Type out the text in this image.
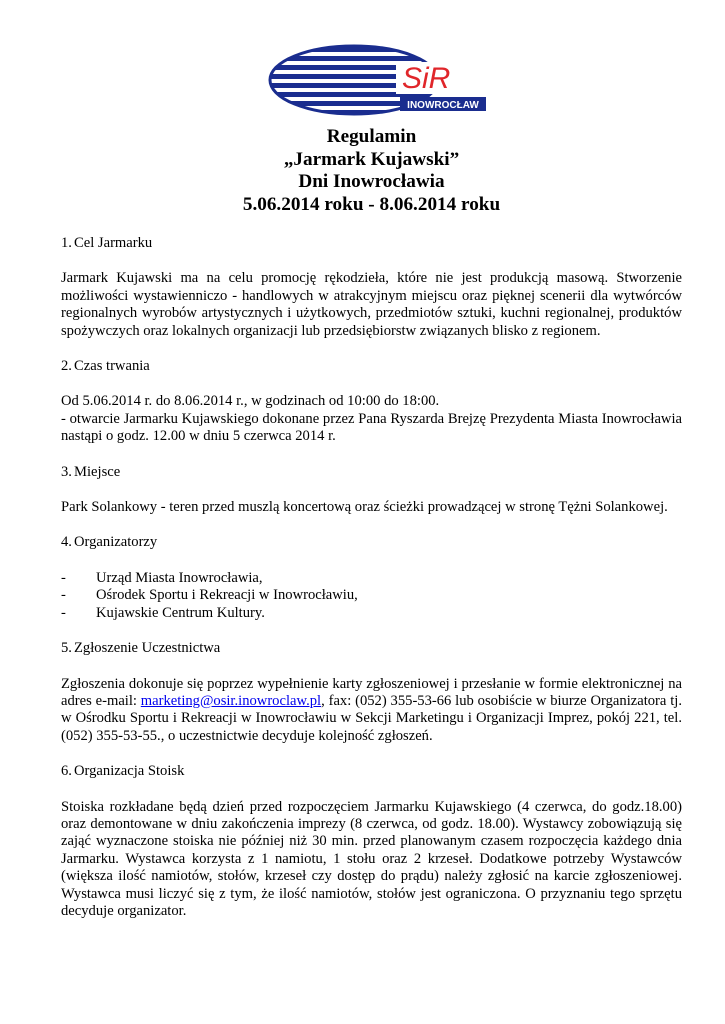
SiR
INOWROCŁAW
Regulamin
„Jarmark Kujawski”
Dni Inowrocławia
5.06.2014 roku - 8.06.2014 roku
1. Cel Jarmarku

Jarmark Kujawski ma na celu promocję rękodzieła, które nie jest produkcją masową. Stworzenie możliwości wystawienniczo - handlowych w atrakcyjnym miejscu oraz pięknej scenerii dla wytwórców regionalnych wyrobów artystycznych i użytkowych, przedmiotów sztuki, kuchni regionalnej, produktów spożywczych oraz lokalnych organizacji lub przedsiębiorstw związanych blisko z regionem.

2. Czas trwania

Od 5.06.2014 r. do 8.06.2014 r., w godzinach od 10:00 do 18:00.

- otwarcie Jarmarku Kujawskiego dokonane przez Pana Ryszarda Brejzę Prezydenta Miasta Inowrocławia nastąpi o godz. 12.00 w dniu 5 czerwca 2014 r.

3. Miejsce

Park Solankowy - teren przed muszlą koncertową oraz ścieżki prowadzącej w stronę Tężni Solankowej.

4. Organizatorzy
-	Urząd Miasta Inowrocławia,
-	Ośrodek Sportu i Rekreacji w Inowrocławiu,
-	Kujawskie Centrum Kultury.
5. Zgłoszenie Uczestnictwa

Zgłoszenia dokonuje się poprzez wypełnienie karty zgłoszeniowej i przesłanie w formie elektronicznej na adres e-mail: marketing@osir.inowroclaw.pl, fax: (052) 355-53-66 lub osobiście w biurze Organizatora tj. w Ośrodku Sportu i Rekreacji w Inowrocławiu w Sekcji Marketingu i Organizacji Imprez, pokój 221, tel. (052) 355-53-55., o uczestnictwie decyduje kolejność zgłoszeń.

6. Organizacja Stoisk

Stoiska rozkładane będą dzień przed rozpoczęciem Jarmarku Kujawskiego (4 czerwca, do godz.18.00) oraz demontowane w dniu zakończenia imprezy (8 czerwca, od godz. 18.00). Wystawcy zobowiązują się zająć wyznaczone stoiska nie później niż 30 min. przed planowanym czasem rozpoczęcia każdego dnia Jarmarku. Wystawca korzysta z 1 namiotu, 1 stołu oraz 2 krzeseł. Dodatkowe potrzeby Wystawców (większa ilość namiotów, stołów, krzeseł czy dostęp do prądu) należy zgłosić na karcie zgłoszeniowej. Wystawca musi liczyć się z tym, że ilość namiotów, stołów jest ograniczona. O przyznaniu tego sprzętu decyduje organizator.
